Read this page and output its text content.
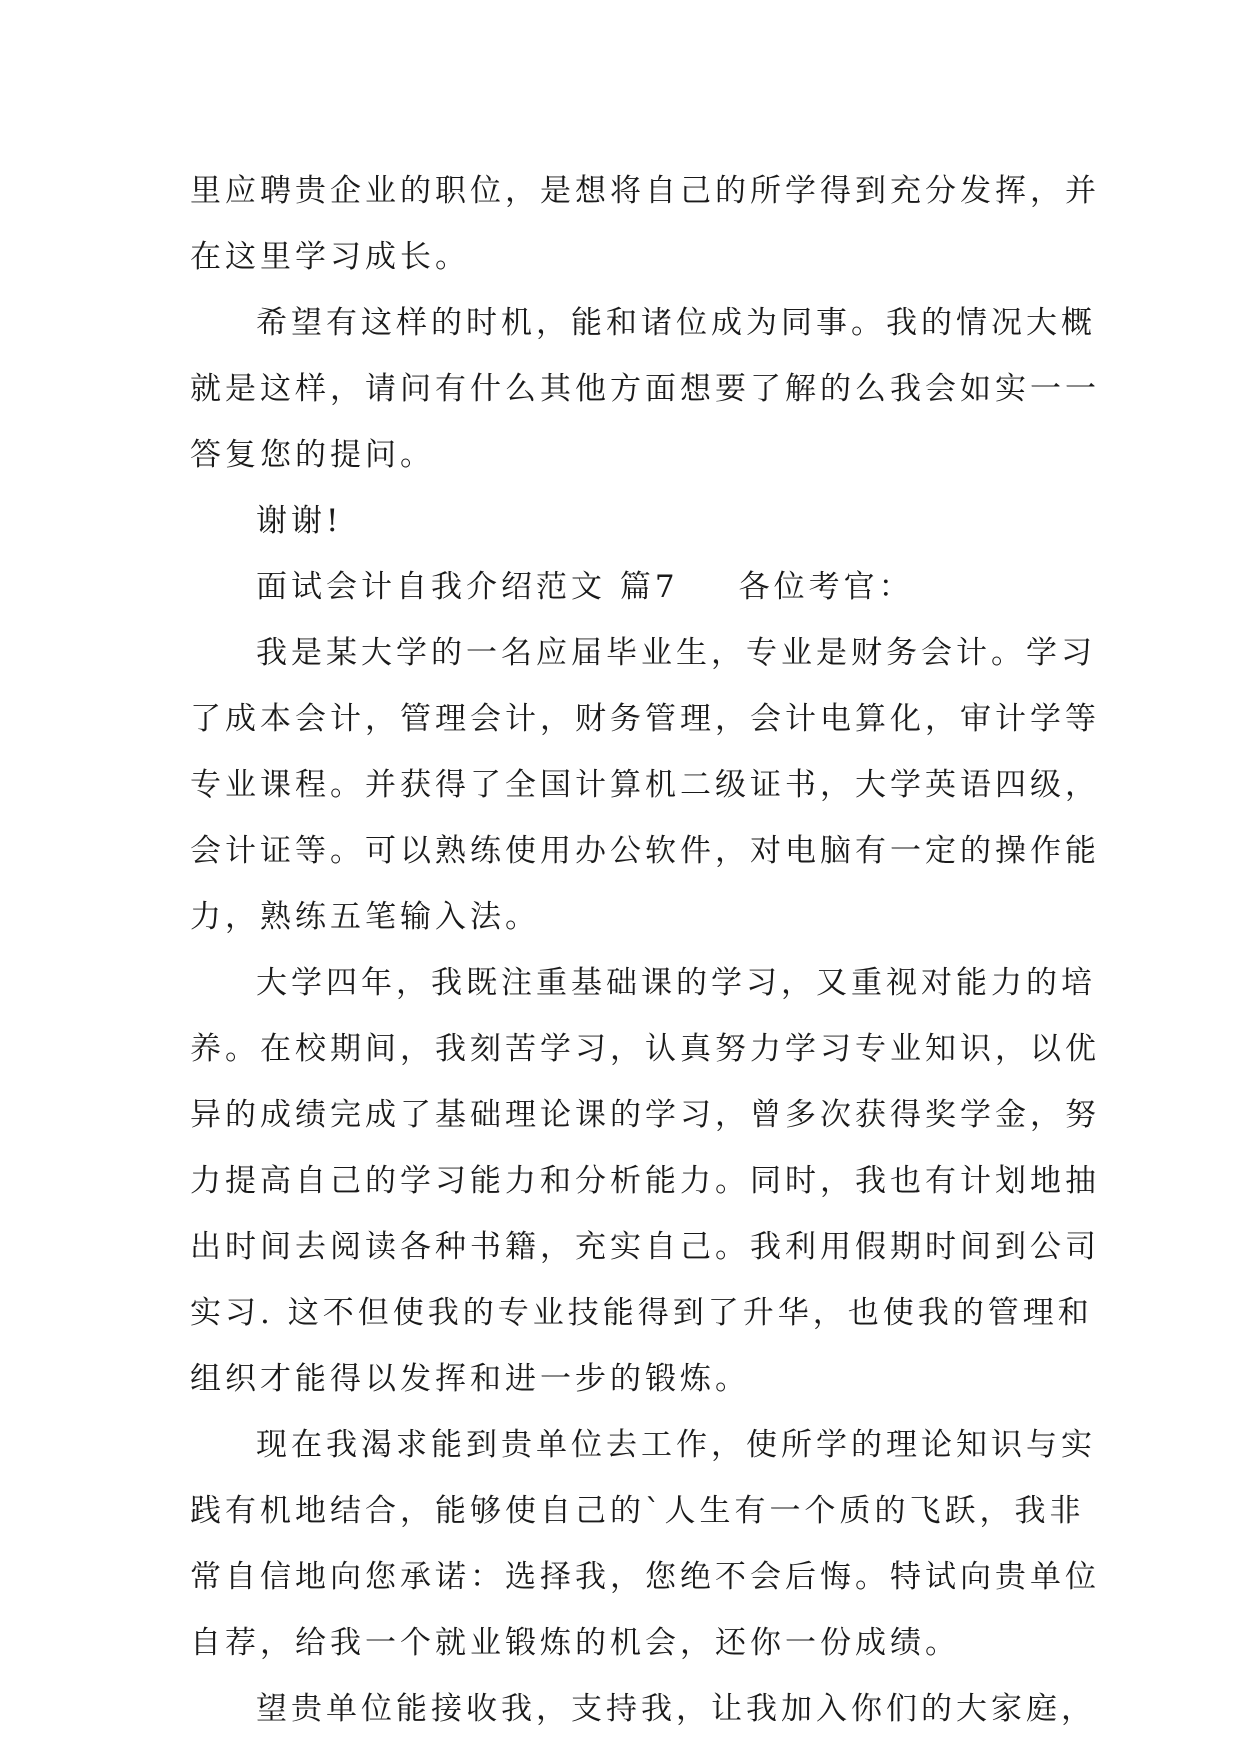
里应聘贵企业的职位，是想将自己的所学得到充分发挥，并
在这里学习成长。
希望有这样的时机，能和诸位成为同事。我的情况大概
就是这样，请问有什么其他方面想要了解的么我会如实一一
答复您的提问。
谢谢!
面试会计自我介绍范文 篇7 各位考官：
我是某大学的一名应届毕业生，专业是财务会计。学习
了成本会计，管理会计，财务管理，会计电算化，审计学等
专业课程。并获得了全国计算机二级证书，大学英语四级，
会计证等。可以熟练使用办公软件，对电脑有一定的操作能
力，熟练五笔输入法。
大学四年，我既注重基础课的学习，又重视对能力的培
养。在校期间，我刻苦学习，认真努力学习专业知识，以优
异的成绩完成了基础理论课的学习，曾多次获得奖学金，努
力提高自己的学习能力和分析能力。同时，我也有计划地抽
出时间去阅读各种书籍，充实自己。我利用假期时间到公司
实习. 这不但使我的专业技能得到了升华，也使我的管理和
组织才能得以发挥和进一步的锻炼。
现在我渴求能到贵单位去工作，使所学的理论知识与实
践有机地结合，能够使自己的`人生有一个质的飞跃，我非
常自信地向您承诺：选择我，您绝不会后悔。特试向贵单位
自荐，给我一个就业锻炼的机会，还你一份成绩。
望贵单位能接收我，支持我，让我加入你们的大家庭，
